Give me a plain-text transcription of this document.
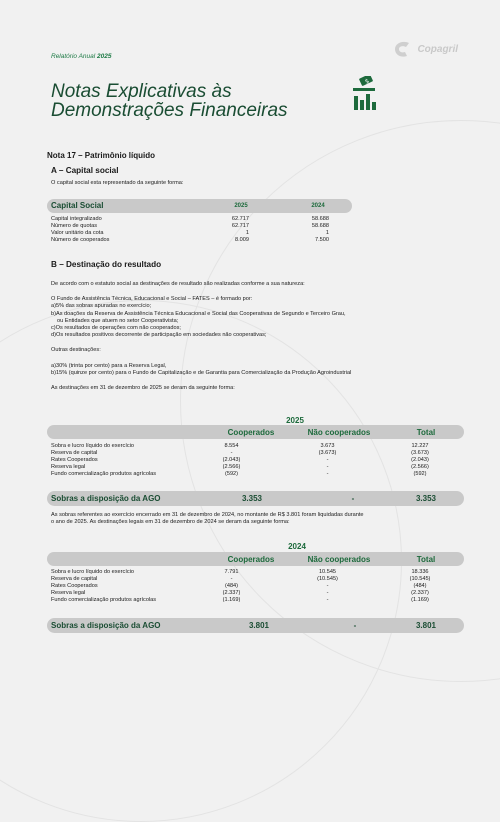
Relatório Anual 2025
Copagril
Notas Explicativas às
Demonstrações Financeiras
$
Nota 17 – Patrimônio líquido
A – Capital social
O capital social esta representado da seguinte forma:
Capital Social	2025	2024
Capital integralizado	62.717	58.688
Número de quotas	62.717	58.688
Valor unitário da cota	1	1
Número de cooperados	8.009	7.500
B – Destinação do resultado
De acordo com o estatuto social as destinações de resultado são realizadas conforme a sua natureza:
O Fundo de Assistência Técnica, Educacional e Social – FATES – é formado por:
a)5% das sobras apuradas no exercício;
b)As doações da Reserva de Assistência Técnica Educacional e Social das Cooperativas de Segundo e Terceiro Grau,
ou Entidades que atuem no setor Cooperativista;
c)Os resultados de operações com não cooperados;
d)Os resultados positivos decorrente de participação em sociedades não cooperativas;
Outras destinações:
a)30% (trinta por cento) para a Reserva Legal,
b)15% (quinze por cento) para o Fundo de Capitalização e de Garantia para Comercialização da Produção Agroindustrial
As destinações em 31 de dezembro de 2025 se deram da seguinte forma:
2025
Cooperados	Não cooperados	Total
Sobra e lucro líquido do exercício	8.554	3.673	12.227
Reserva de capital	-	(3.673)	(3.673)
Rates Cooperados	(2.043)	-	(2.043)
Reserva legal	(2.566)	-	(2.566)
Fundo comercialização produtos agrícolas	(592)	-	(592)
Sobras a disposição da AGO	3.353	-	3.353
As sobras referentes ao exercício encerrado em 31 de dezembro de 2024, no montante de R$ 3.801 foram liquidadas durante
o ano de 2025. As destinações legais em 31 de dezembro de 2024 se deram da seguinte forma:
2024
Cooperados	Não cooperados	Total
Sobra e lucro líquido do exercício	7.791	10.545	18.336
Reserva de capital	-	(10.545)	(10.545)
Rates Cooperados	(484)	-	(484)
Reserva legal	(2.337)	-	(2.337)
Fundo comercialização produtos agrícolas	(1.169)	-	(1.169)
Sobras a disposição da AGO	3.801	-	3.801
